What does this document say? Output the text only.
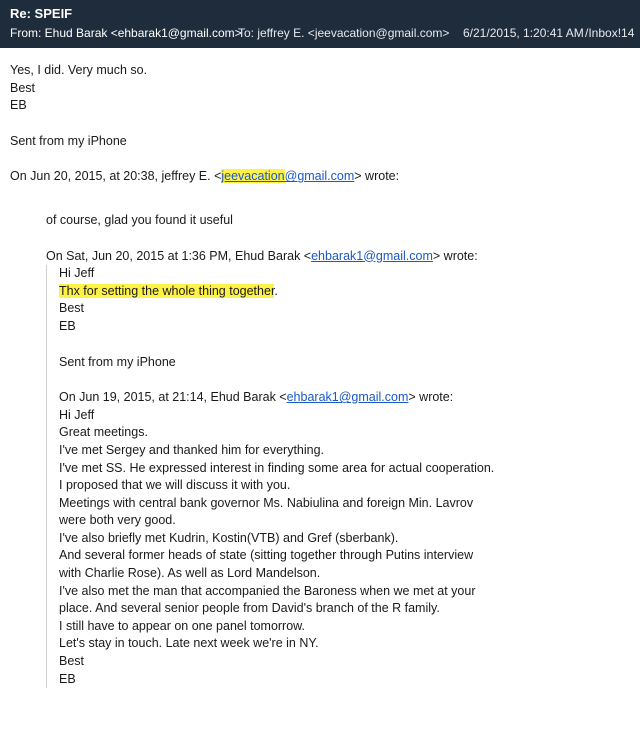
Re: SPEIF
From: Ehud Barak <ehbarak1@gmail.com>
To: jeffrey E. <jeevacation@gmail.com> 6/21/2015, 1:20:41 AM /Inbox!14
Yes, I did. Very much so.
Best
EB
Sent from my iPhone
On Jun 20, 2015, at 20:38, jeffrey E. <jeevacation@gmail.com> wrote:
of course, glad you found it useful
On Sat, Jun 20, 2015 at 1:36 PM, Ehud Barak <ehbarak1@gmail.com> wrote:
Hi Jeff
Thx for setting the whole thing together.
Best
EB
Sent from my iPhone
On Jun 19, 2015, at 21:14, Ehud Barak <ehbarak1@gmail.com> wrote:
Hi Jeff
Great meetings.
I've met Sergey and thanked him for everything.
I've met SS. He expressed interest in finding some area for actual cooperation.
I proposed that we will discuss it with you.
Meetings with central bank governor Ms. Nabiulina and foreign Min. Lavrov
were both very good.
I've also briefly met Kudrin, Kostin(VTB) and Gref (sberbank).
And several former heads of state (sitting together through Putins interview
with Charlie Rose). As well as Lord Mandelson.
I've also met the man that accompanied the Baroness when we met at your
place. And several senior people from David's branch of the R family.
I still have to appear on one panel tomorrow.
Let's stay in touch. Late next week we're in NY.
Best
EB
